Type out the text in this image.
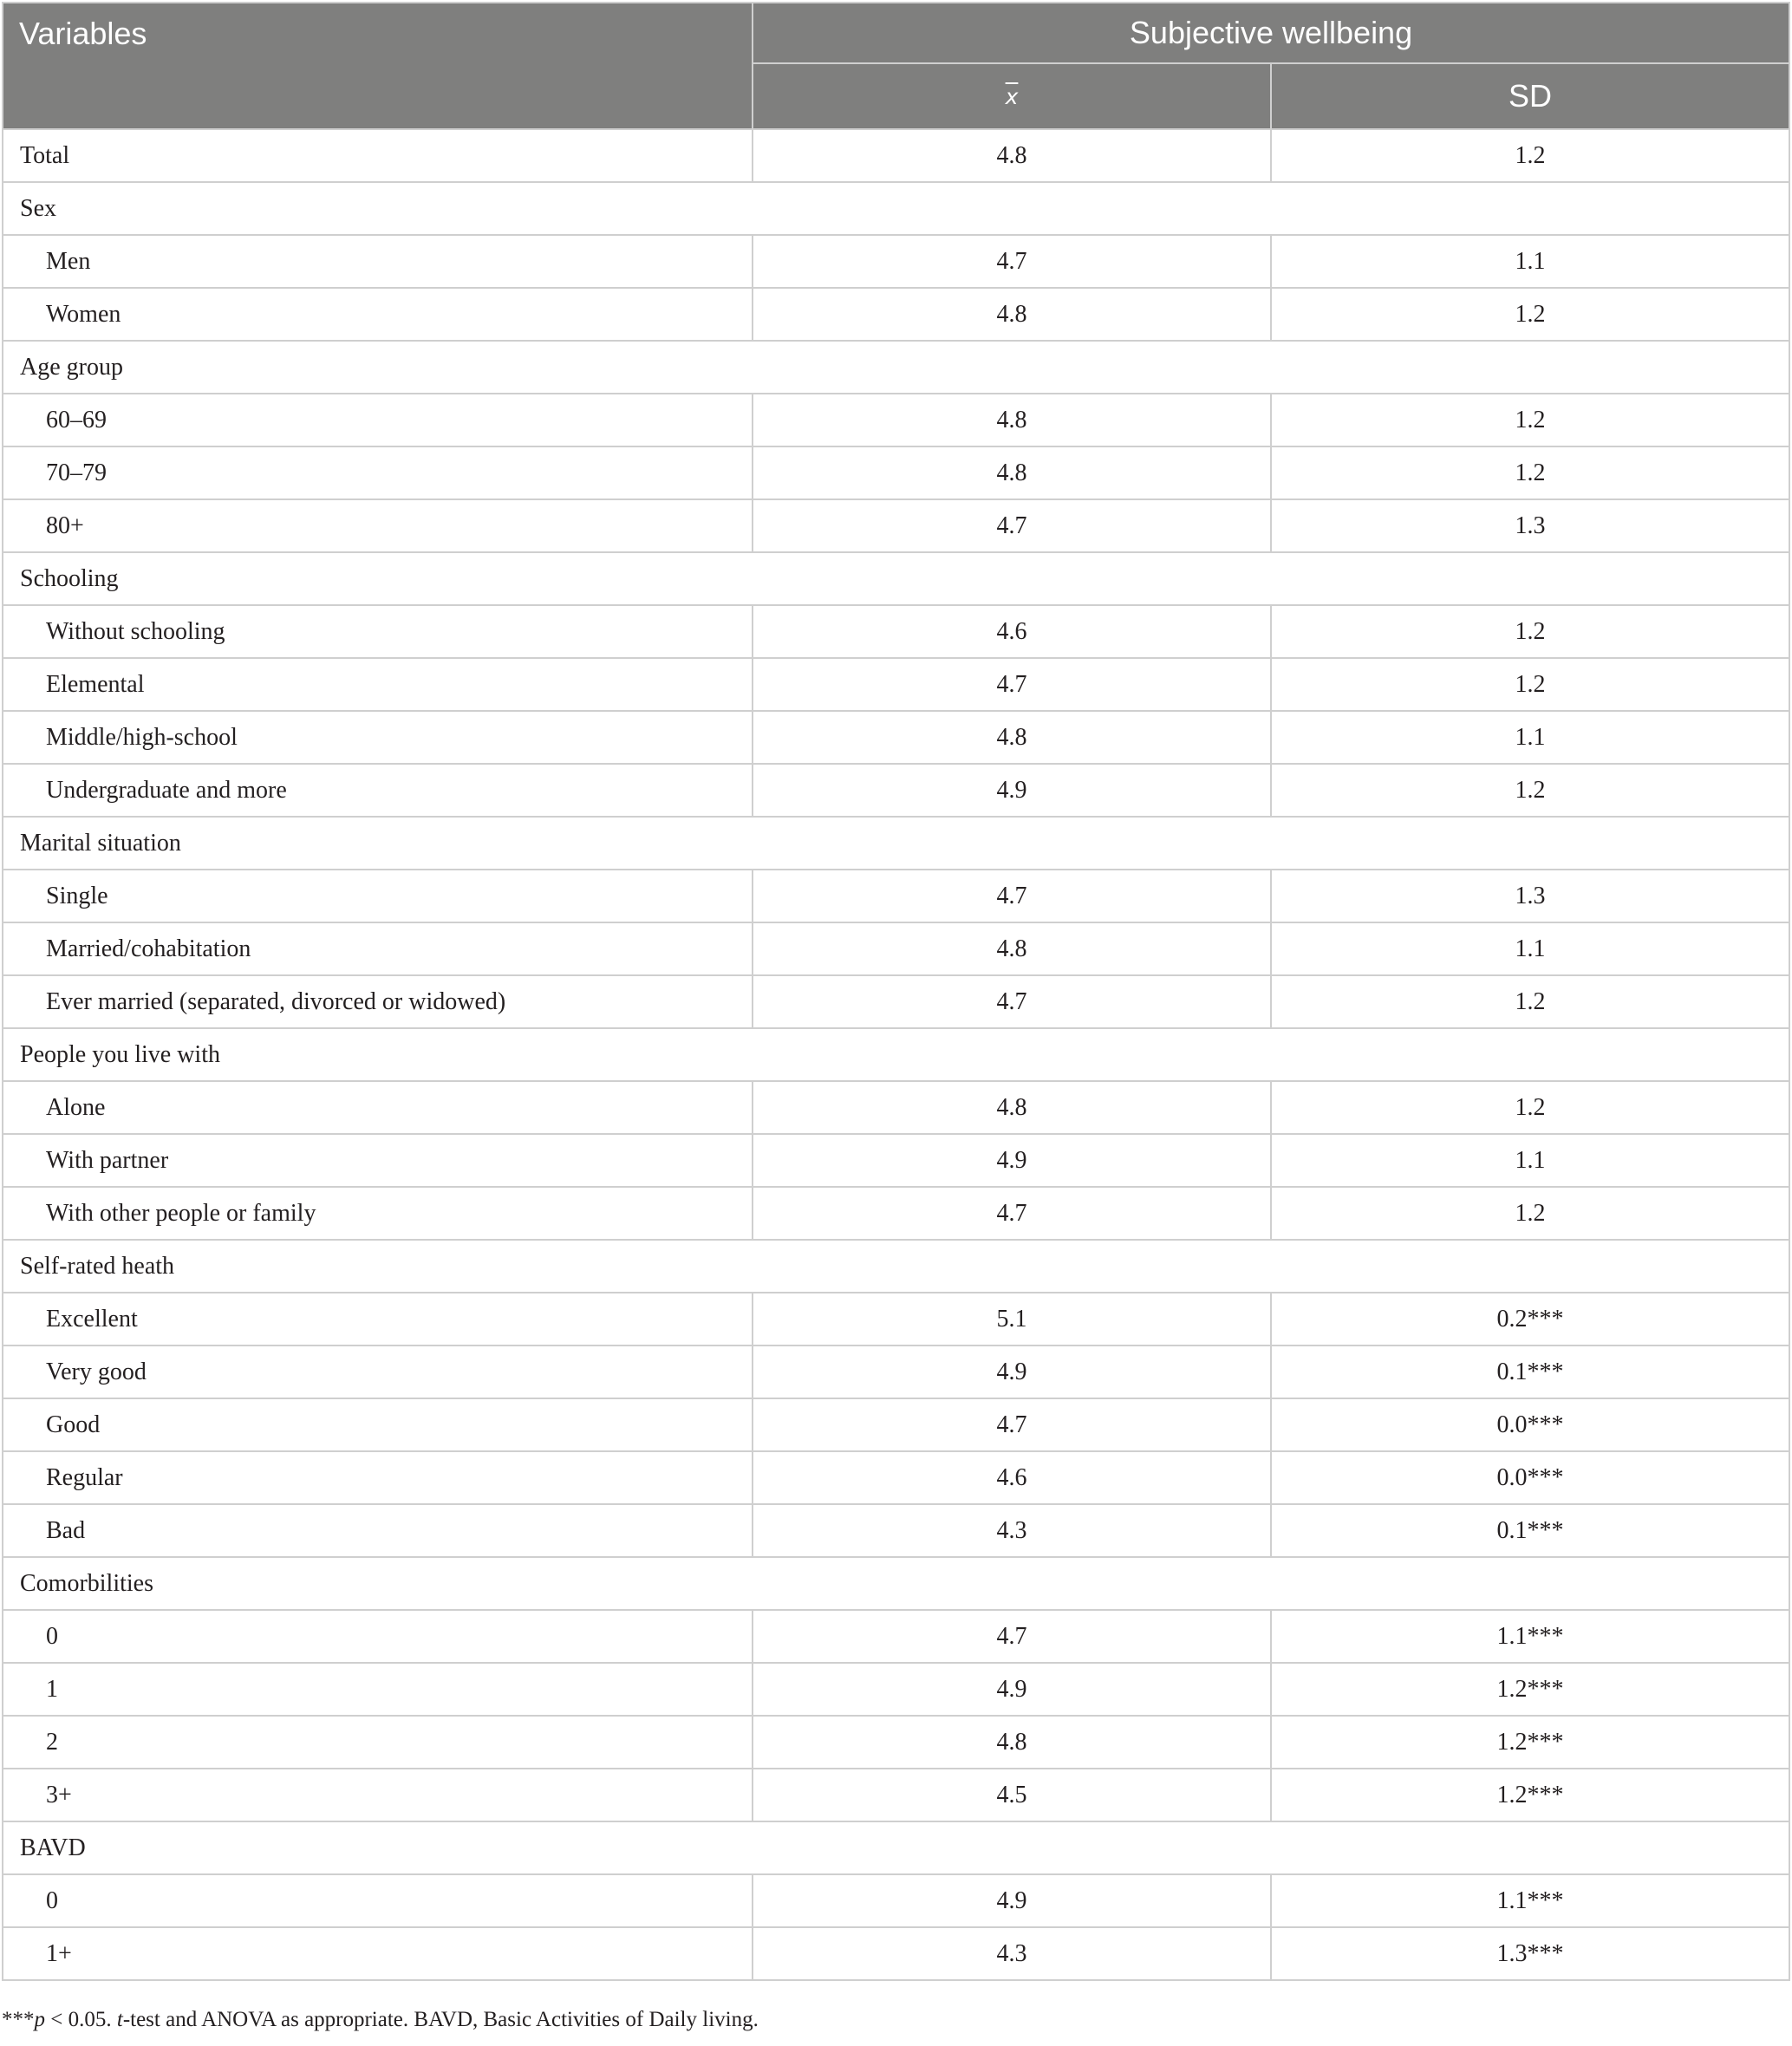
Variables	Subjective wellbeing	
	$\overline{x}$	SD
Total	4.8	1.2
Sex		
Men	4.7	1.1
Women	4.8	1.2
Age group		
60–69	4.8	1.2
70–79	4.8	1.2
80+	4.7	1.3
Schooling		
Without schooling	4.6	1.2
Elemental	4.7	1.2
Middle/high-school	4.8	1.1
Undergraduate and more	4.9	1.2
Marital situation		
Single	4.7	1.3
Married/cohabitation	4.8	1.1
Ever married (separated, divorced or widowed)	4.7	1.2
People you live with		
Alone	4.8	1.2
With partner	4.9	1.1
With other people or family	4.7	1.2
Self-rated heath		
Excellent	5.1	0.2***
Very good	4.9	0.1***
Good	4.7	0.0***
Regular	4.6	0.0***
Bad	4.3	0.1***
Comorbilities		
0	4.7	1.1***
1	4.9	1.2***
2	4.8	1.2***
3+	4.5	1.2***
BAVD		
0	4.9	1.1***
1+	4.3	1.3***
***p < 0.05. t-test and ANOVA as appropriate. BAVD, Basic Activities of Daily living.
